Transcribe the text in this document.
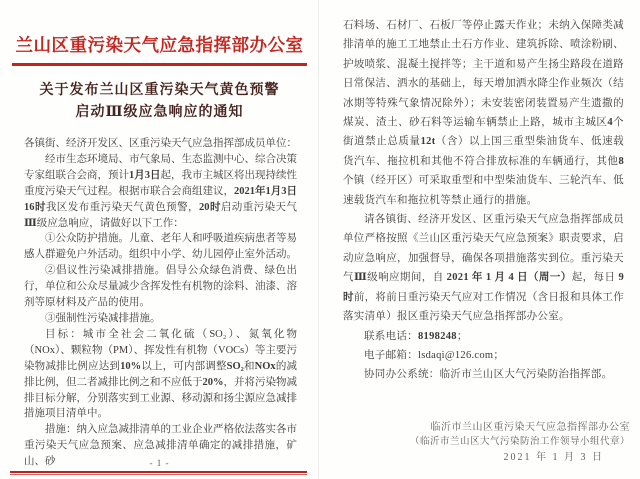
兰山区重污染天气应急指挥部办公室
关于发布兰山区重污染天气黄色预警
启动Ⅲ级应急响应的通知

各镇街、经济开发区、区重污染天气应急指挥部成员单位：

经市生态环境局、市气象局、生态监测中心、综合决策专家组联合会商，预计1月3日起，我市主城区将出现持续性重度污染天气过程。根据市联合会商组建议，2021年1月3日16时我区发布重污染天气黄色预警，20时启动重污染天气Ⅲ级应急响应，请做好以下工作：

①公众防护措施。儿童、老年人和呼吸道疾病患者等易感人群避免户外活动。组织中小学、幼儿园停止室外活动。

②倡议性污染减排措施。倡导公众绿色消费、绿色出行，单位和公众尽量减少含挥发性有机物的涂料、油漆、溶剂等原材料及产品的使用。

③强制性污染减排措施。

目标：城市全社会二氧化硫（SO₂）、氮氧化物（NOx）、颗粒物（PM）、挥发性有机物（VOCs）等主要污染物减排比例应达到10%以上，可内部调整SO₂和NOx的减排比例，但二者减排比例之和不应低于20%，并将污染物减排目标分解，分别落实到工业源、移动源和扬尘源应急减排措施项目清单中。

措施：纳入应急减排清单的工业企业严格依法落实各市重污染天气应急预案、应急减排清单确定的减排措施，矿山、砂	- 1 -

石料场、石材厂、石板厂等停止露天作业；未纳入保障类减排清单的施工工地禁止土石方作业、建筑拆除、喷涂粉刷、护坡喷浆、混凝土搅拌等；主干道和易产生扬尘路段在道路日常保洁、洒水的基础上，每天增加洒水降尘作业频次（结冰期等特殊气象情况除外）；未安装密闭装置易产生遗撒的煤炭、渣土、砂石料等运输车辆禁止上路，城市主城区4个街道禁止总质量12t（含）以上国三重型柴油货车、低速载货汽车、拖拉机和其他不符合排放标准的车辆通行，其他8个镇（经开区）可采取重型和中型柴油货车、三轮汽车、低速载货汽车和拖拉机等禁止通行的措施。

请各镇街、经济开发区、区重污染天气应急指挥部成员单位严格按照《兰山区重污染天气应急预案》职责要求，启动应急响应，加强督导，确保各项措施落实到位。重污染天气Ⅲ级响应期间，自 2021 年 1 月 4 日（周一）起，每日 9 时前，将前日重污染天气应对工作情况（含日报和具体工作落实清单）报区重污染天气应急指挥部办公室。

联系电话：8198248；

电子邮箱：lsdaqi@126.com；

协同办公系统：临沂市兰山区大气污染防治指挥部。

临沂市兰山区重污染天气应急指挥部办公室
（临沂市兰山区大气污染防治工作领导小组代章）
2021 年 1 月 3 日
